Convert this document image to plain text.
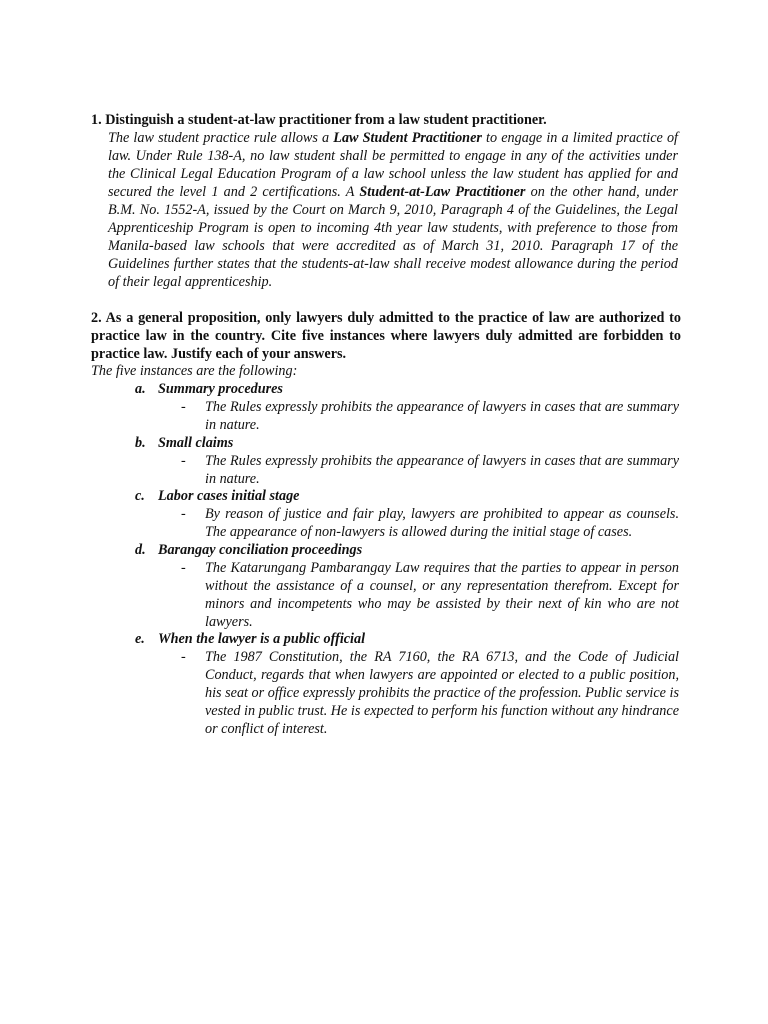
1. Distinguish a student-at-law practitioner from a law student practitioner.
The law student practice rule allows a Law Student Practitioner to engage in a limited practice of law. Under Rule 138-A, no law student shall be permitted to engage in any of the activities under the Clinical Legal Education Program of a law school unless the law student has applied for and secured the level 1 and 2 certifications. A Student-at-Law Practitioner on the other hand, under B.M. No. 1552-A, issued by the Court on March 9, 2010, Paragraph 4 of the Guidelines, the Legal Apprenticeship Program is open to incoming 4th year law students, with preference to those from Manila-based law schools that were accredited as of March 31, 2010. Paragraph 17 of the Guidelines further states that the students-at-law shall receive modest allowance during the period of their legal apprenticeship.
2. As a general proposition, only lawyers duly admitted to the practice of law are authorized to practice law in the country. Cite five instances where lawyers duly admitted are forbidden to practice law. Justify each of your answers.
The five instances are the following:
a. Summary procedures
-	The Rules expressly prohibits the appearance of lawyers in cases that are summary in nature.
b. Small claims
-	The Rules expressly prohibits the appearance of lawyers in cases that are summary in nature.
c. Labor cases initial stage
-	By reason of justice and fair play, lawyers are prohibited to appear as counsels. The appearance of non-lawyers is allowed during the initial stage of cases.
d. Barangay conciliation proceedings
-	The Katarungang Pambarangay Law requires that the parties to appear in person without the assistance of a counsel, or any representation therefrom. Except for minors and incompetents who may be assisted by their next of kin who are not lawyers.
e. When the lawyer is a public official
-	The 1987 Constitution, the RA 7160, the RA 6713, and the Code of Judicial Conduct, regards that when lawyers are appointed or elected to a public position, his seat or office expressly prohibits the practice of the profession. Public service is vested in public trust. He is expected to perform his function without any hindrance or conflict of interest.
